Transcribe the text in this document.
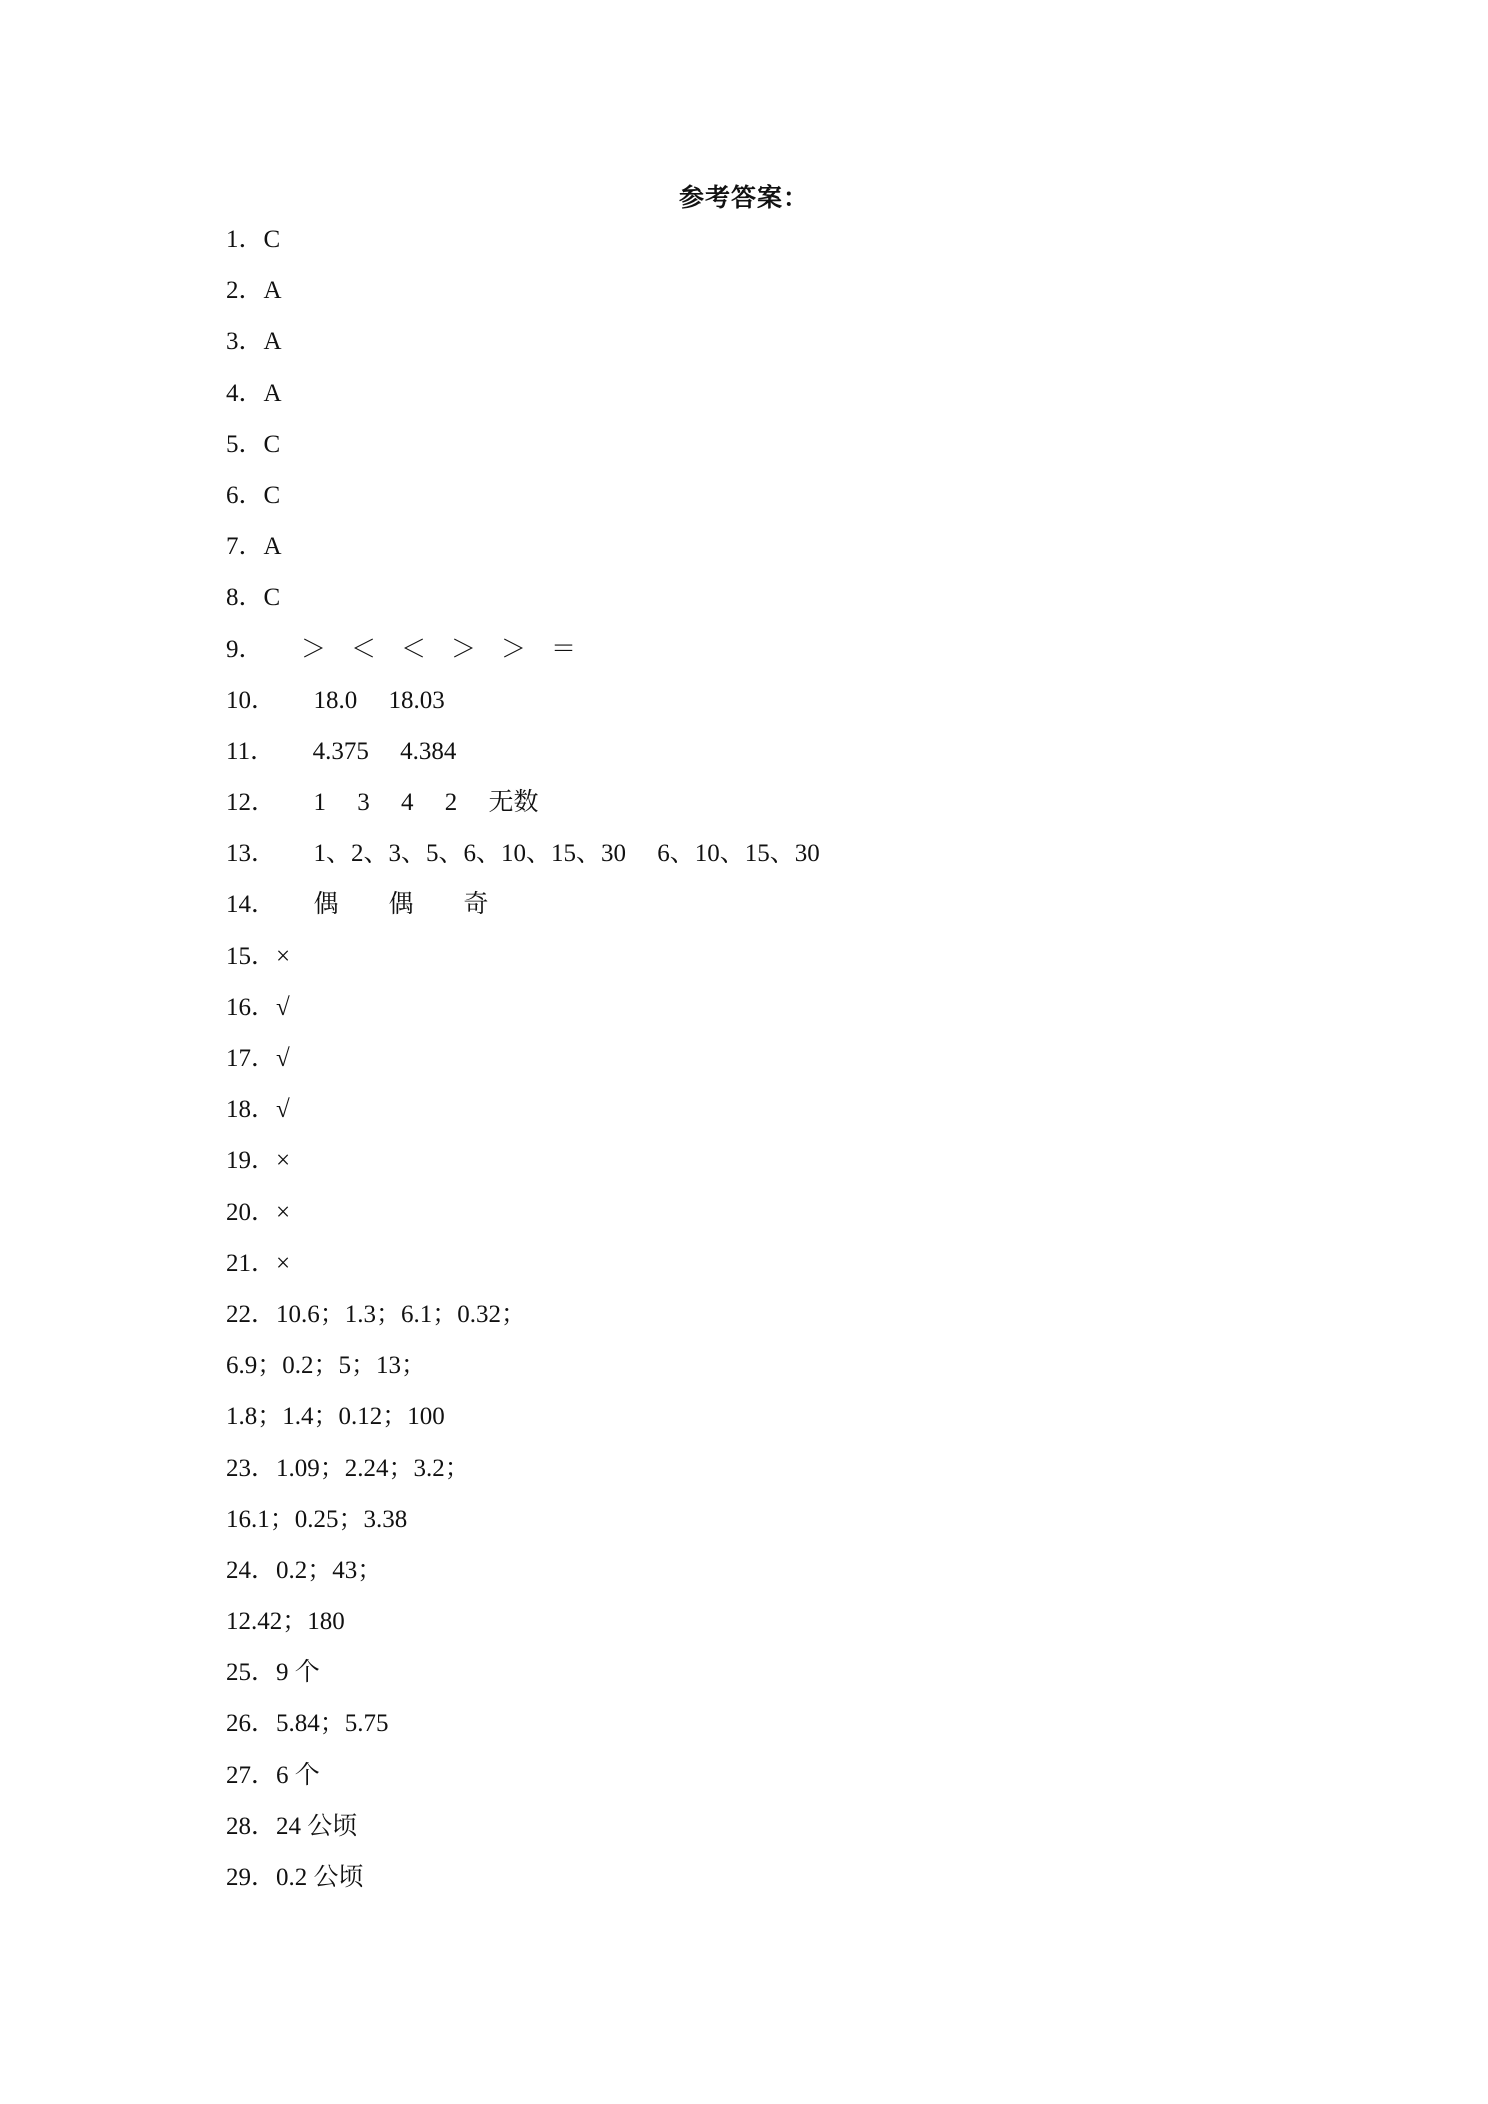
参考答案：
1．C
2．A
3．A
4．A
5．C
6．C
7．A
8．C
9．　　＞　＜　＜　＞　＞　＝
10．　　18.0　 18.03
11．　　4.375　 4.384
12．　　1　 3　 4　 2　 无数
13．　　1、2、3、5、6、10、15、30　 6、10、15、30
14．　　偶　　偶　　奇
15．×
16．√
17．√
18．√
19．×
20．×
21．×
22．10.6；1.3；6.1；0.32；
6.9；0.2；5；13；
1.8；1.4；0.12；100
23．1.09；2.24；3.2；
16.1；0.25；3.38
24．0.2；43；
12.42；180
25．9 个
26．5.84；5.75
27．6 个
28．24 公顷
29．0.2 公顷
